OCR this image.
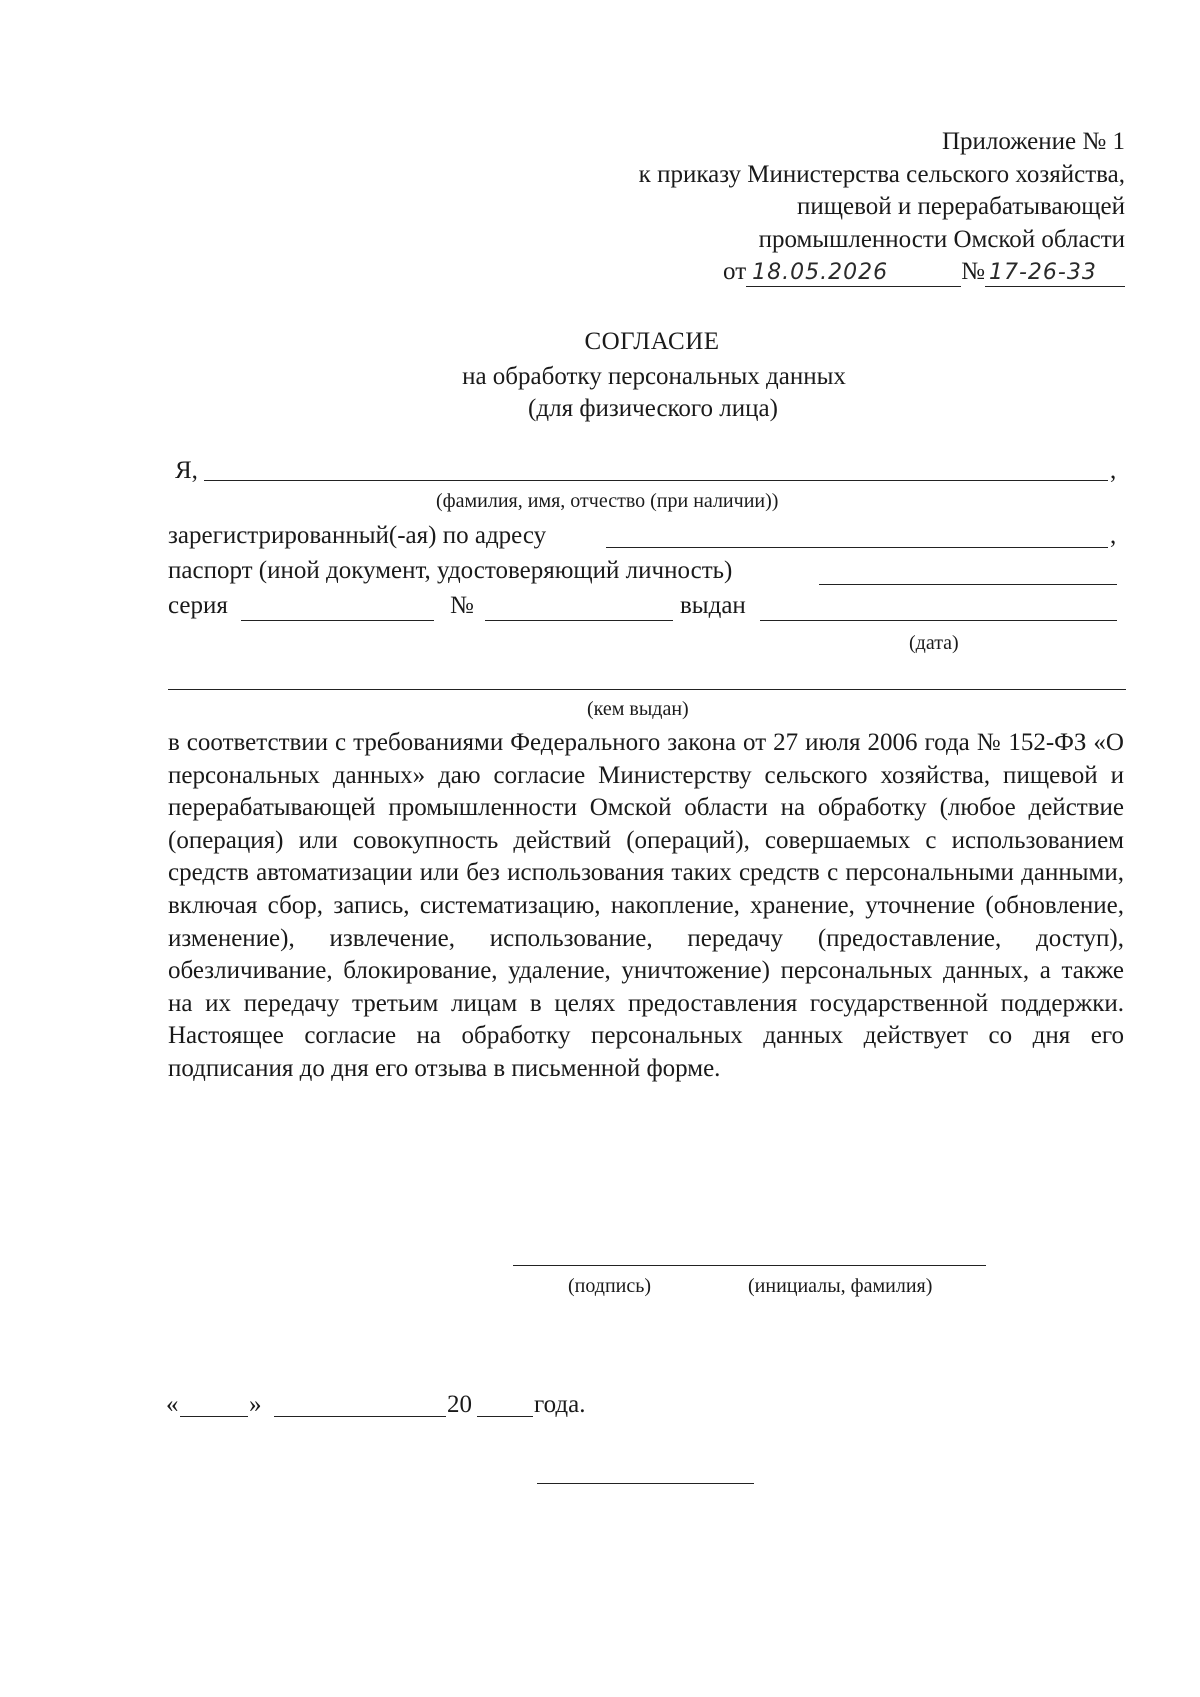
Приложение № 1
к приказу Министерства сельского хозяйства,
пищевой и перерабатывающей
промышленности Омской области
от 18.05.2026	№ 17-26-33
СОГЛАСИЕ
на обработку персональных данных
(для физического лица)
Я,	,
(фамилия, имя, отчество (при наличии))
зарегистрированный(-ая) по адресу	,
паспорт (иной документ, удостоверяющий личность)
серия	№	выдан
(дата)
(кем выдан)
в соответствии с требованиями Федерального закона от 27 июля 2006 года № 152-ФЗ «О персональных данных» даю согласие Министерству сельского хозяйства, пищевой и перерабатывающей промышленности Омской области на обработку (любое действие (операция) или совокупность действий (операций), совершаемых с использованием средств автоматизации или без использования таких средств с персональными данными, включая сбор, запись, систематизацию, накопление, хранение, уточнение (обновление, изменение), извлечение, использование, передачу (предоставление, доступ), обезличивание, блокирование, удаление, уничтожение) персональных данных, а также на их передачу третьим лицам в целях предоставления государственной поддержки. Настоящее согласие на обработку персональных данных действует со дня его подписания до дня его отзыва в письменной форме.
(подпись)	(инициалы, фамилия)
«	»	20 года.
